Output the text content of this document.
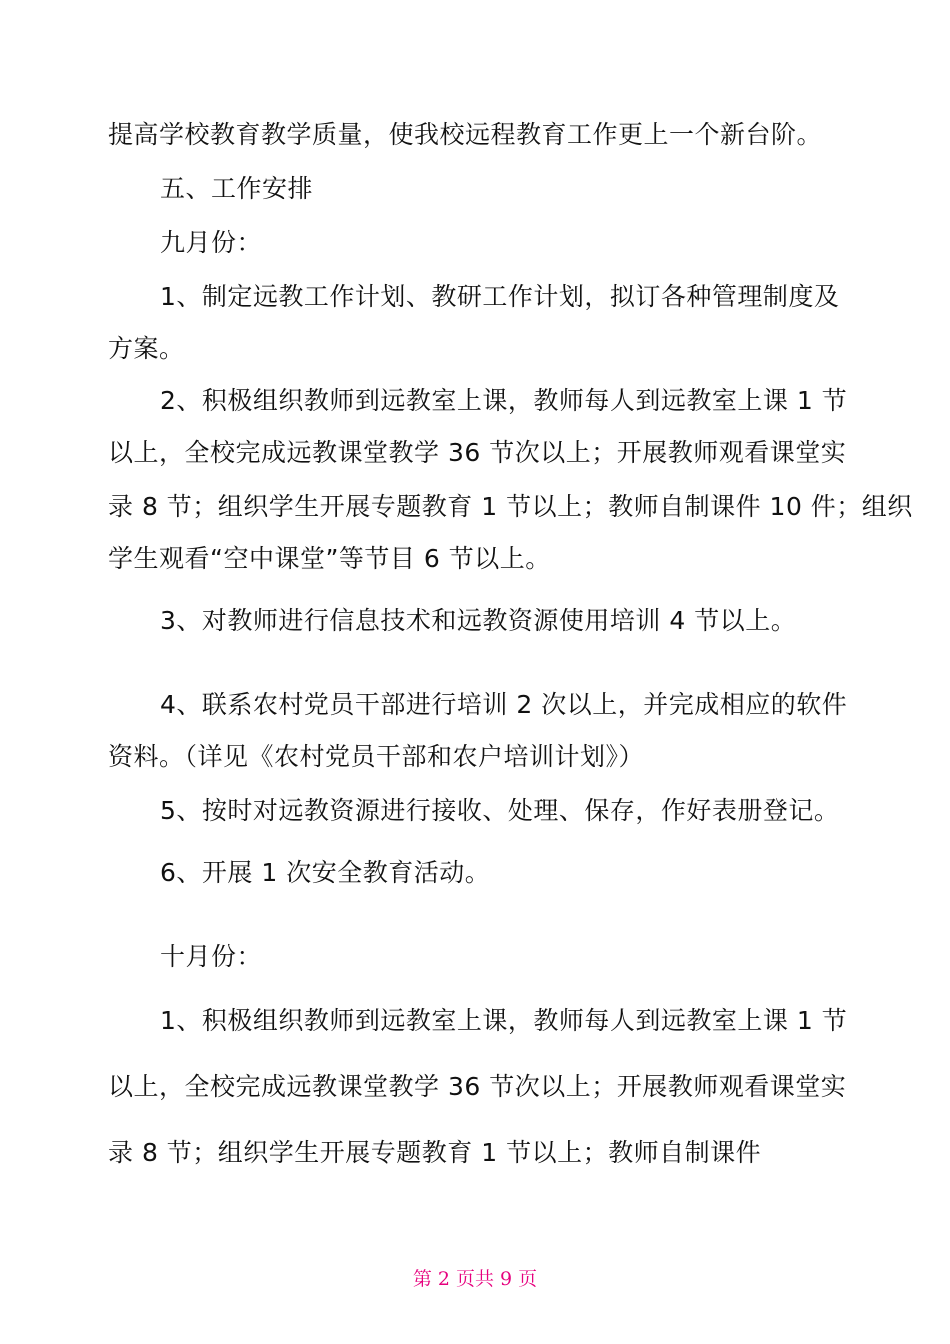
提高学校教育教学质量，使我校远程教育工作更上一个新台阶。
五、工作安排
九月份：
1、制定远教工作计划、教研工作计划，拟订各种管理制度及
方案。
2、积极组织教师到远教室上课，教师每人到远教室上课 1 节
以上，全校完成远教课堂教学 36 节次以上；开展教师观看课堂实
录 8 节；组织学生开展专题教育 1 节以上；教师自制课件 10 件；组织
学生观看“空中课堂”等节目 6 节以上。
3、对教师进行信息技术和远教资源使用培训 4 节以上。
4、联系农村党员干部进行培训 2 次以上，并完成相应的软件
资料。（详见《农村党员干部和农户培训计划》）
5、按时对远教资源进行接收、处理、保存，作好表册登记。
6、开展 1 次安全教育活动。
十月份：
1、积极组织教师到远教室上课，教师每人到远教室上课 1 节
以上，全校完成远教课堂教学 36 节次以上；开展教师观看课堂实
录 8 节；组织学生开展专题教育 1 节以上；教师自制课件
第 2 页共 9 页
